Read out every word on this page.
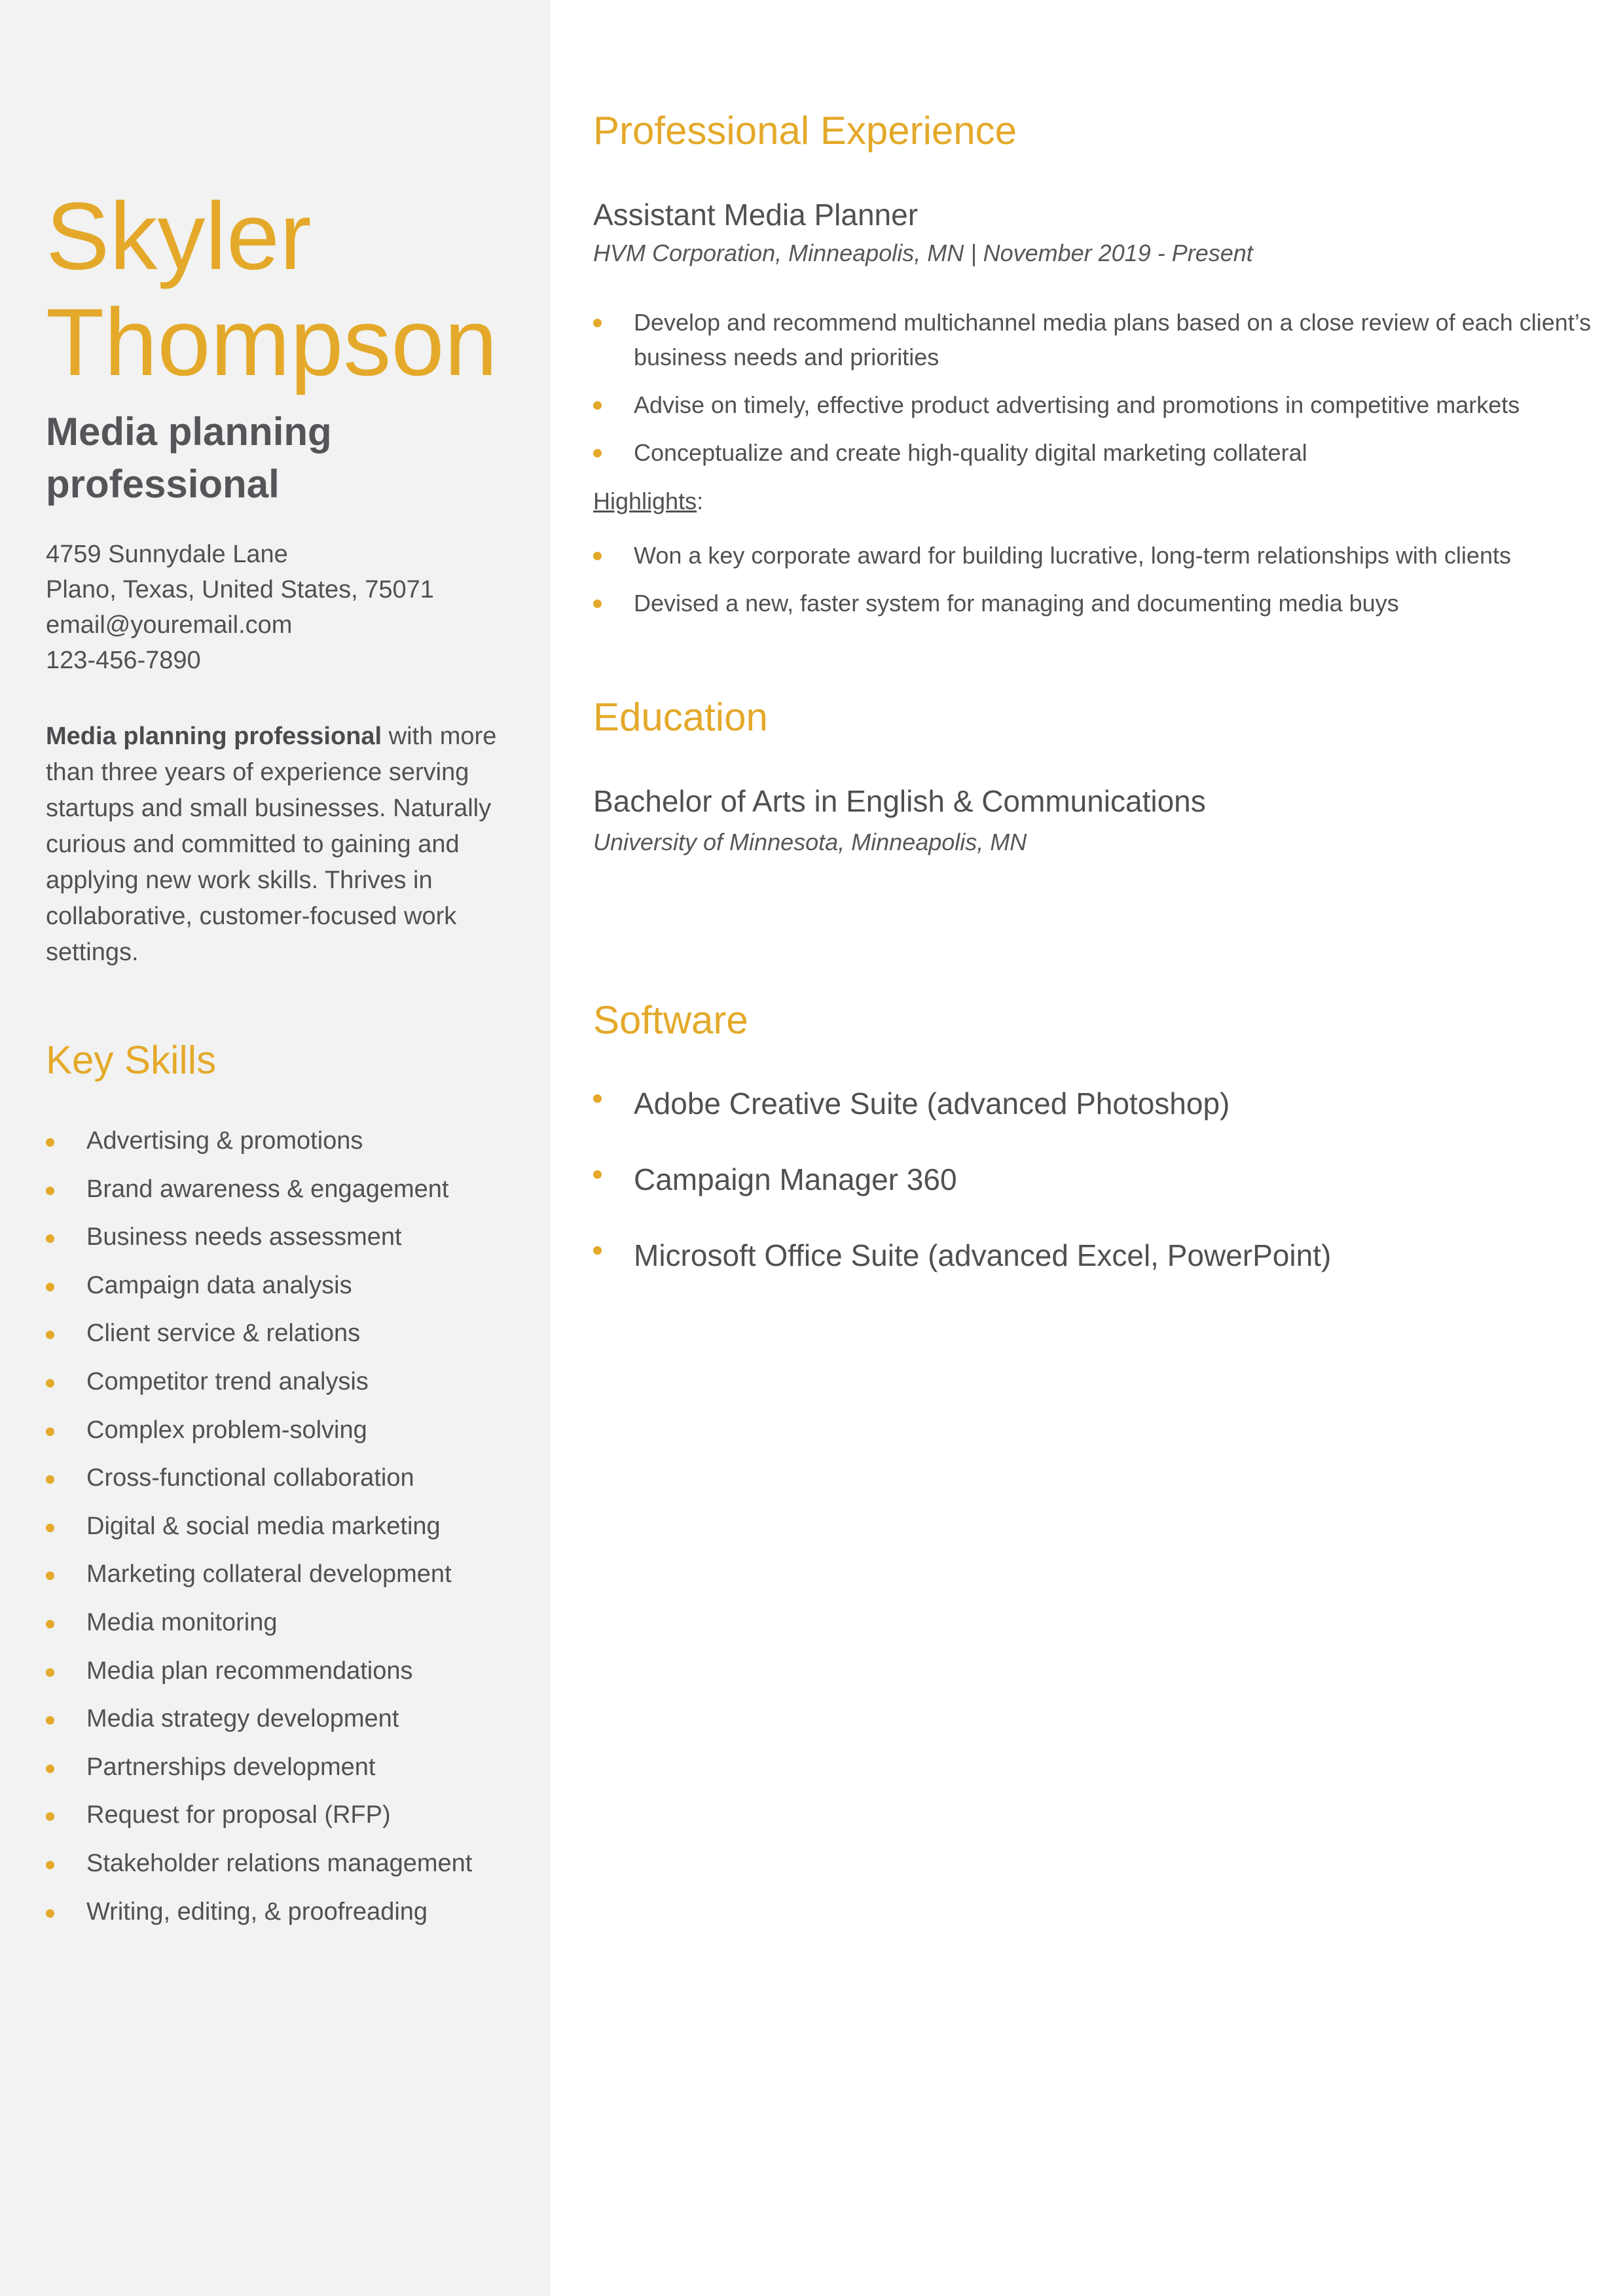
Skyler
Thompson
Media planning professional
4759 Sunnydale Lane
Plano, Texas, United States, 75071
email@youremail.com
123-456-7890

Media planning professional with more than three years of experience serving startups and small businesses. Naturally curious and committed to gaining and applying new work skills. Thrives in collaborative, customer-focused work settings.

Key Skills
Advertising & promotions
Brand awareness & engagement
Business needs assessment
Campaign data analysis
Client service & relations
Competitor trend analysis
Complex problem-solving
Cross-functional collaboration
Digital & social media marketing
Marketing collateral development
Media monitoring
Media plan recommendations
Media strategy development
Partnerships development
Request for proposal (RFP)
Stakeholder relations management
Writing, editing, & proofreading
Professional Experience
Assistant Media Planner
HVM Corporation, Minneapolis, MN | November 2019 - Present
Develop and recommend multichannel media plans based on a close review of each client’s business needs and priorities
Advise on timely, effective product advertising and promotions in competitive markets
Conceptualize and create high-quality digital marketing collateral
Highlights:
Won a key corporate award for building lucrative, long-term relationships with clients
Devised a new, faster system for managing and documenting media buys
Education
Bachelor of Arts in English & Communications
University of Minnesota, Minneapolis, MN
Software
Adobe Creative Suite (advanced Photoshop)
Campaign Manager 360
Microsoft Office Suite (advanced Excel, PowerPoint)
